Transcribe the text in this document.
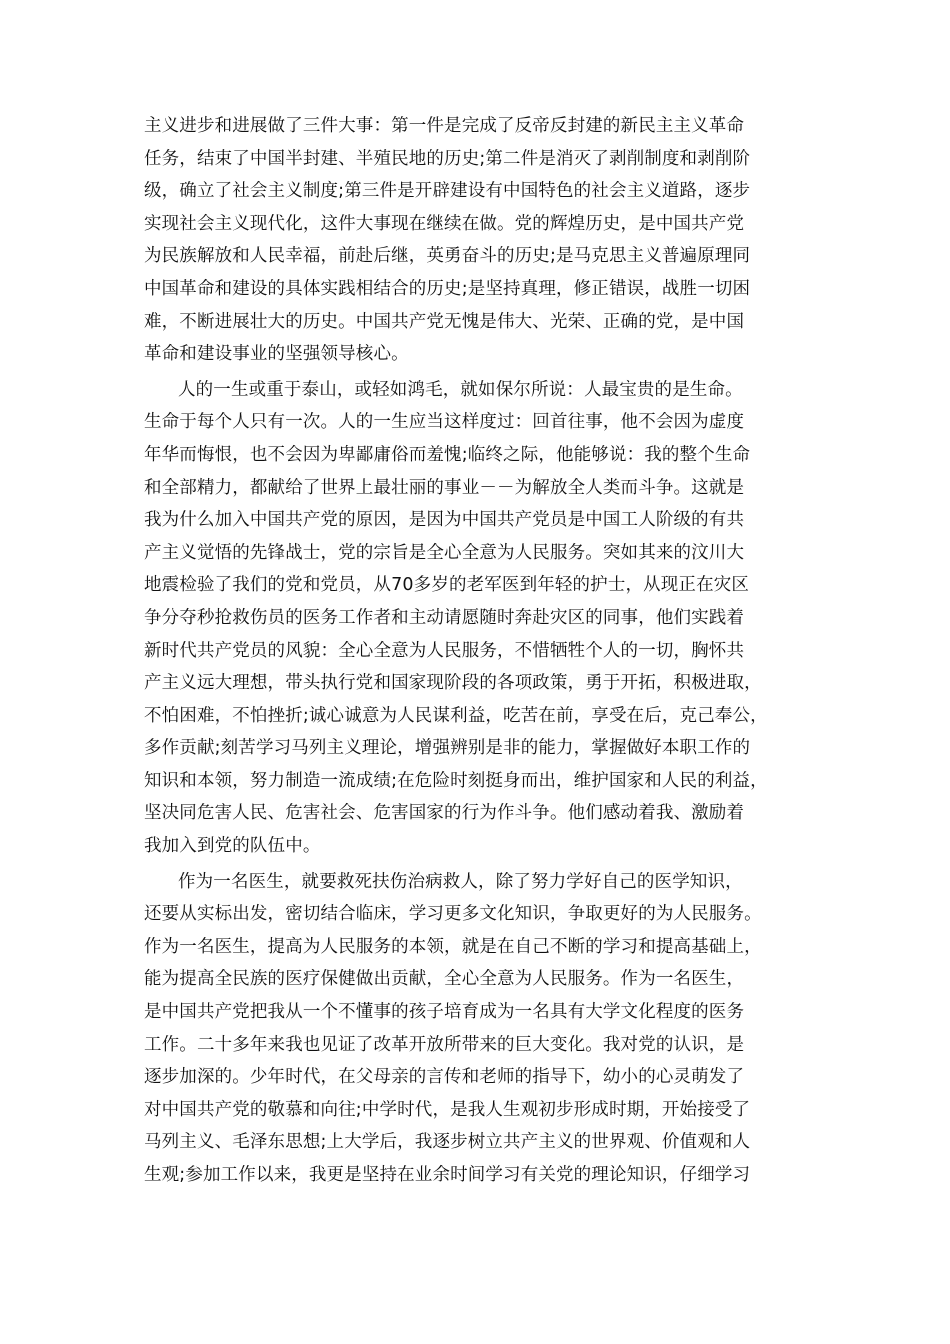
主义进步和进展做了三件大事：第一件是完成了反帝反封建的新民主主义革命
任务，结束了中国半封建、半殖民地的历史;第二件是消灭了剥削制度和剥削阶
级，确立了社会主义制度;第三件是开辟建设有中国特色的社会主义道路，逐步
实现社会主义现代化，这件大事现在继续在做。党的辉煌历史，是中国共产党
为民族解放和人民幸福，前赴后继，英勇奋斗的历史;是马克思主义普遍原理同
中国革命和建设的具体实践相结合的历史;是坚持真理，修正错误，战胜一切困
难，不断进展壮大的历史。中国共产党无愧是伟大、光荣、正确的党，是中国
革命和建设事业的坚强领导核心。
人的一生或重于泰山，或轻如鸿毛，就如保尔所说：人最宝贵的是生命。
生命于每个人只有一次。人的一生应当这样度过：回首往事，他不会因为虚度
年华而悔恨，也不会因为卑鄙庸俗而羞愧;临终之际，他能够说：我的整个生命
和全部精力，都献给了世界上最壮丽的事业－－为解放全人类而斗争。这就是
我为什么加入中国共产党的原因，是因为中国共产党员是中国工人阶级的有共
产主义觉悟的先锋战士，党的宗旨是全心全意为人民服务。突如其来的汶川大
地震检验了我们的党和党员，从70多岁的老军医到年轻的护士，从现正在灾区
争分夺秒抢救伤员的医务工作者和主动请愿随时奔赴灾区的同事，他们实践着
新时代共产党员的风貌：全心全意为人民服务，不惜牺牲个人的一切，胸怀共
产主义远大理想，带头执行党和国家现阶段的各项政策，勇于开拓，积极进取，
不怕困难，不怕挫折;诚心诚意为人民谋利益，吃苦在前，享受在后，克己奉公，
多作贡献;刻苦学习马列主义理论，增强辨别是非的能力，掌握做好本职工作的
知识和本领，努力制造一流成绩;在危险时刻挺身而出，维护国家和人民的利益，
坚决同危害人民、危害社会、危害国家的行为作斗争。他们感动着我、激励着
我加入到党的队伍中。
作为一名医生，就要救死扶伤治病救人，除了努力学好自己的医学知识，
还要从实标出发，密切结合临床，学习更多文化知识，争取更好的为人民服务。
作为一名医生，提高为人民服务的本领，就是在自己不断的学习和提高基础上，
能为提高全民族的医疗保健做出贡献，全心全意为人民服务。作为一名医生，
是中国共产党把我从一个不懂事的孩子培育成为一名具有大学文化程度的医务
工作。二十多年来我也见证了改革开放所带来的巨大变化。我对党的认识，是
逐步加深的。少年时代，在父母亲的言传和老师的指导下，幼小的心灵萌发了
对中国共产党的敬慕和向往;中学时代，是我人生观初步形成时期，开始接受了
马列主义、毛泽东思想;上大学后，我逐步树立共产主义的世界观、价值观和人
生观;参加工作以来，我更是坚持在业余时间学习有关党的理论知识，仔细学习
